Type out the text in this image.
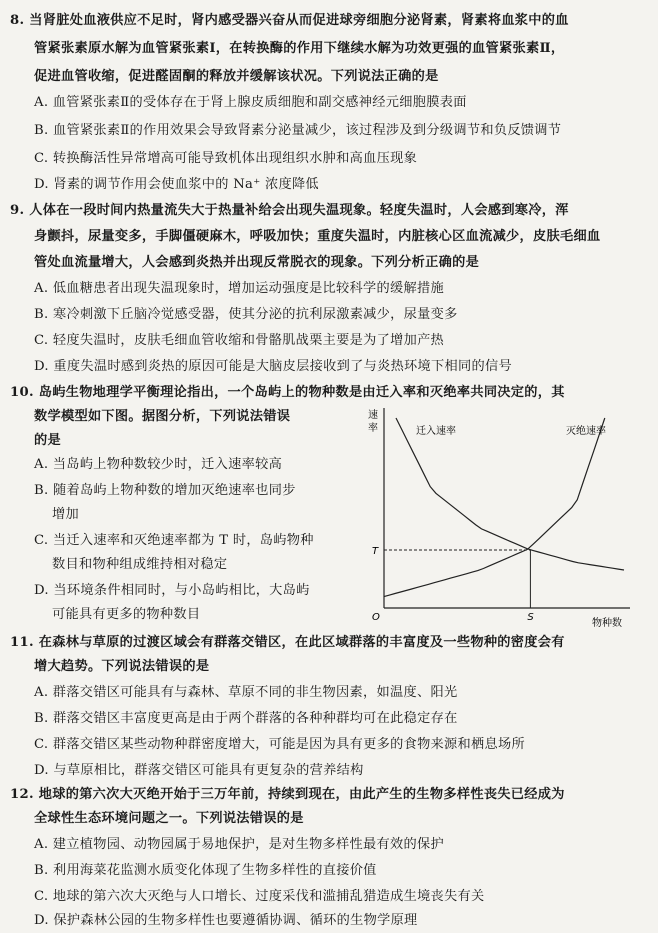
8. 当肾脏处血液供应不足时，肾内感受器兴奋从而促进球旁细胞分泌肾素，肾素将血浆中的血
管紧张素原水解为血管紧张素Ⅰ，在转换酶的作用下继续水解为功效更强的血管紧张素Ⅱ，
促进血管收缩，促进醛固酮的释放并缓解该状况。下列说法正确的是
A. 血管紧张素Ⅱ的受体存在于肾上腺皮质细胞和副交感神经元细胞膜表面
B. 血管紧张素Ⅱ的作用效果会导致肾素分泌量减少，该过程涉及到分级调节和负反馈调节
C. 转换酶活性异常增高可能导致机体出现组织水肿和高血压现象
D. 肾素的调节作用会使血浆中的 Na⁺ 浓度降低
9. 人体在一段时间内热量流失大于热量补给会出现失温现象。轻度失温时，人会感到寒冷，浑
身颤抖，尿量变多，手脚僵硬麻木，呼吸加快；重度失温时，内脏核心区血流减少，皮肤毛细血
管处血流量增大，人会感到炎热并出现反常脱衣的现象。下列分析正确的是
A. 低血糖患者出现失温现象时，增加运动强度是比较科学的缓解措施
B. 寒冷刺激下丘脑冷觉感受器，使其分泌的抗利尿激素减少，尿量变多
C. 轻度失温时，皮肤毛细血管收缩和骨骼肌战栗主要是为了增加产热
D. 重度失温时感到炎热的原因可能是大脑皮层接收到了与炎热环境下相同的信号
10. 岛屿生物地理学平衡理论指出，一个岛屿上的物种数是由迁入率和灭绝率共同决定的，其
数学模型如下图。据图分析，下列说法错误
的是
A. 当岛屿上物种数较少时，迁入速率较高
B. 随着岛屿上物种数的增加灭绝速率也同步
增加
C. 当迁入速率和灭绝速率都为 T 时，岛屿物种
数目和物种组成维持相对稳定
D. 当环境条件相同时，与小岛屿相比，大岛屿
可能具有更多的物种数目
速
率
O
物种数
T
S
迁入速率	灭绝速率
11. 在森林与草原的过渡区域会有群落交错区，在此区域群落的丰富度及一些物种的密度会有
增大趋势。下列说法错误的是
A. 群落交错区可能具有与森林、草原不同的非生物因素，如温度、阳光
B. 群落交错区丰富度更高是由于两个群落的各种种群均可在此稳定存在
C. 群落交错区某些动物种群密度增大，可能是因为具有更多的食物来源和栖息场所
D. 与草原相比，群落交错区可能具有更复杂的营养结构
12. 地球的第六次大灭绝开始于三万年前，持续到现在，由此产生的生物多样性丧失已经成为
全球性生态环境问题之一。下列说法错误的是
A. 建立植物园、动物园属于易地保护，是对生物多样性最有效的保护
B. 利用海菜花监测水质变化体现了生物多样性的直接价值
C. 地球的第六次大灭绝与人口增长、过度采伐和滥捕乱猎造成生境丧失有关
D. 保护森林公园的生物多样性也要遵循协调、循环的生物学原理
